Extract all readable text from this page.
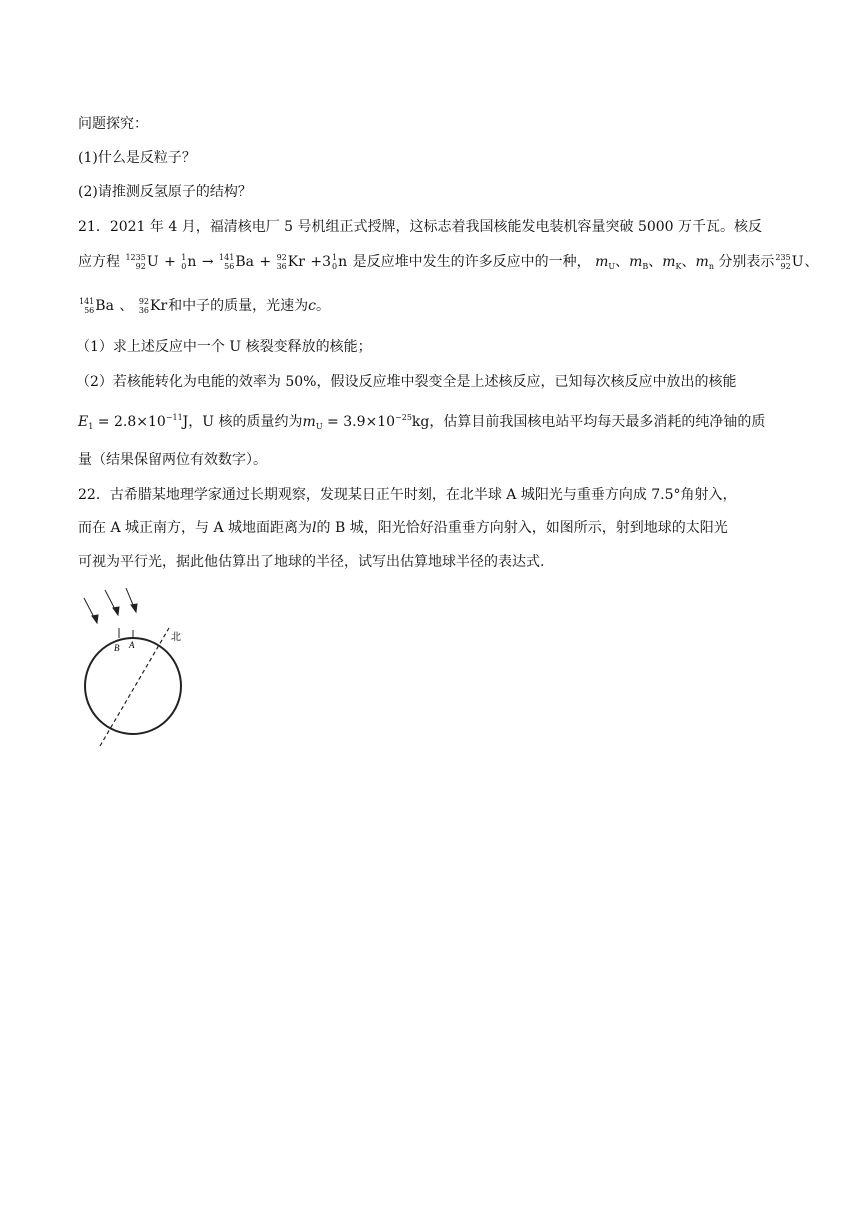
问题探究：
(1)什么是反粒子？
(2)请推测反氢原子的结构？
21．2021 年 4 月，福清核电厂 5 号机组正式授牌，这标志着我国核能发电装机容量突破 5000 万千瓦。核反
应方程 1235
92 U + 1
0 n → 141
56 Ba + 92
36 Kr +3 1
0 n 是反应堆中发生的许多反应中的一种， $m_U$、$m_B$、$m_K$、$m_n$ 分别表示 235
92 U、
141
56 Ba 、 92
36 Kr和中子的质量，光速为c。
（1）求上述反应中一个 U 核裂变释放的核能；
（2）若核能转化为电能的效率为 50%，假设反应堆中裂变全是上述核反应，已知每次核反应中放出的核能
$E_1 = 2.8\times 10^{-11}J$，U 核的质量约为$m_U = 3.9\times 10^{-25}kg$，估算目前我国核电站平均每天最多消耗的纯净铀的质
量（结果保留两位有效数字）。
22．古希腊某地理学家通过长期观察，发现某日正午时刻，在北半球 A 城阳光与重垂方向成 7.5°角射入，
而在 A 城正南方，与 A 城地面距离为l的 B 城，阳光恰好沿重垂方向射入，如图所示，射到地球的太阳光
可视为平行光，据此他估算出了地球的半径，试写出估算地球半径的表达式.
B A
北
